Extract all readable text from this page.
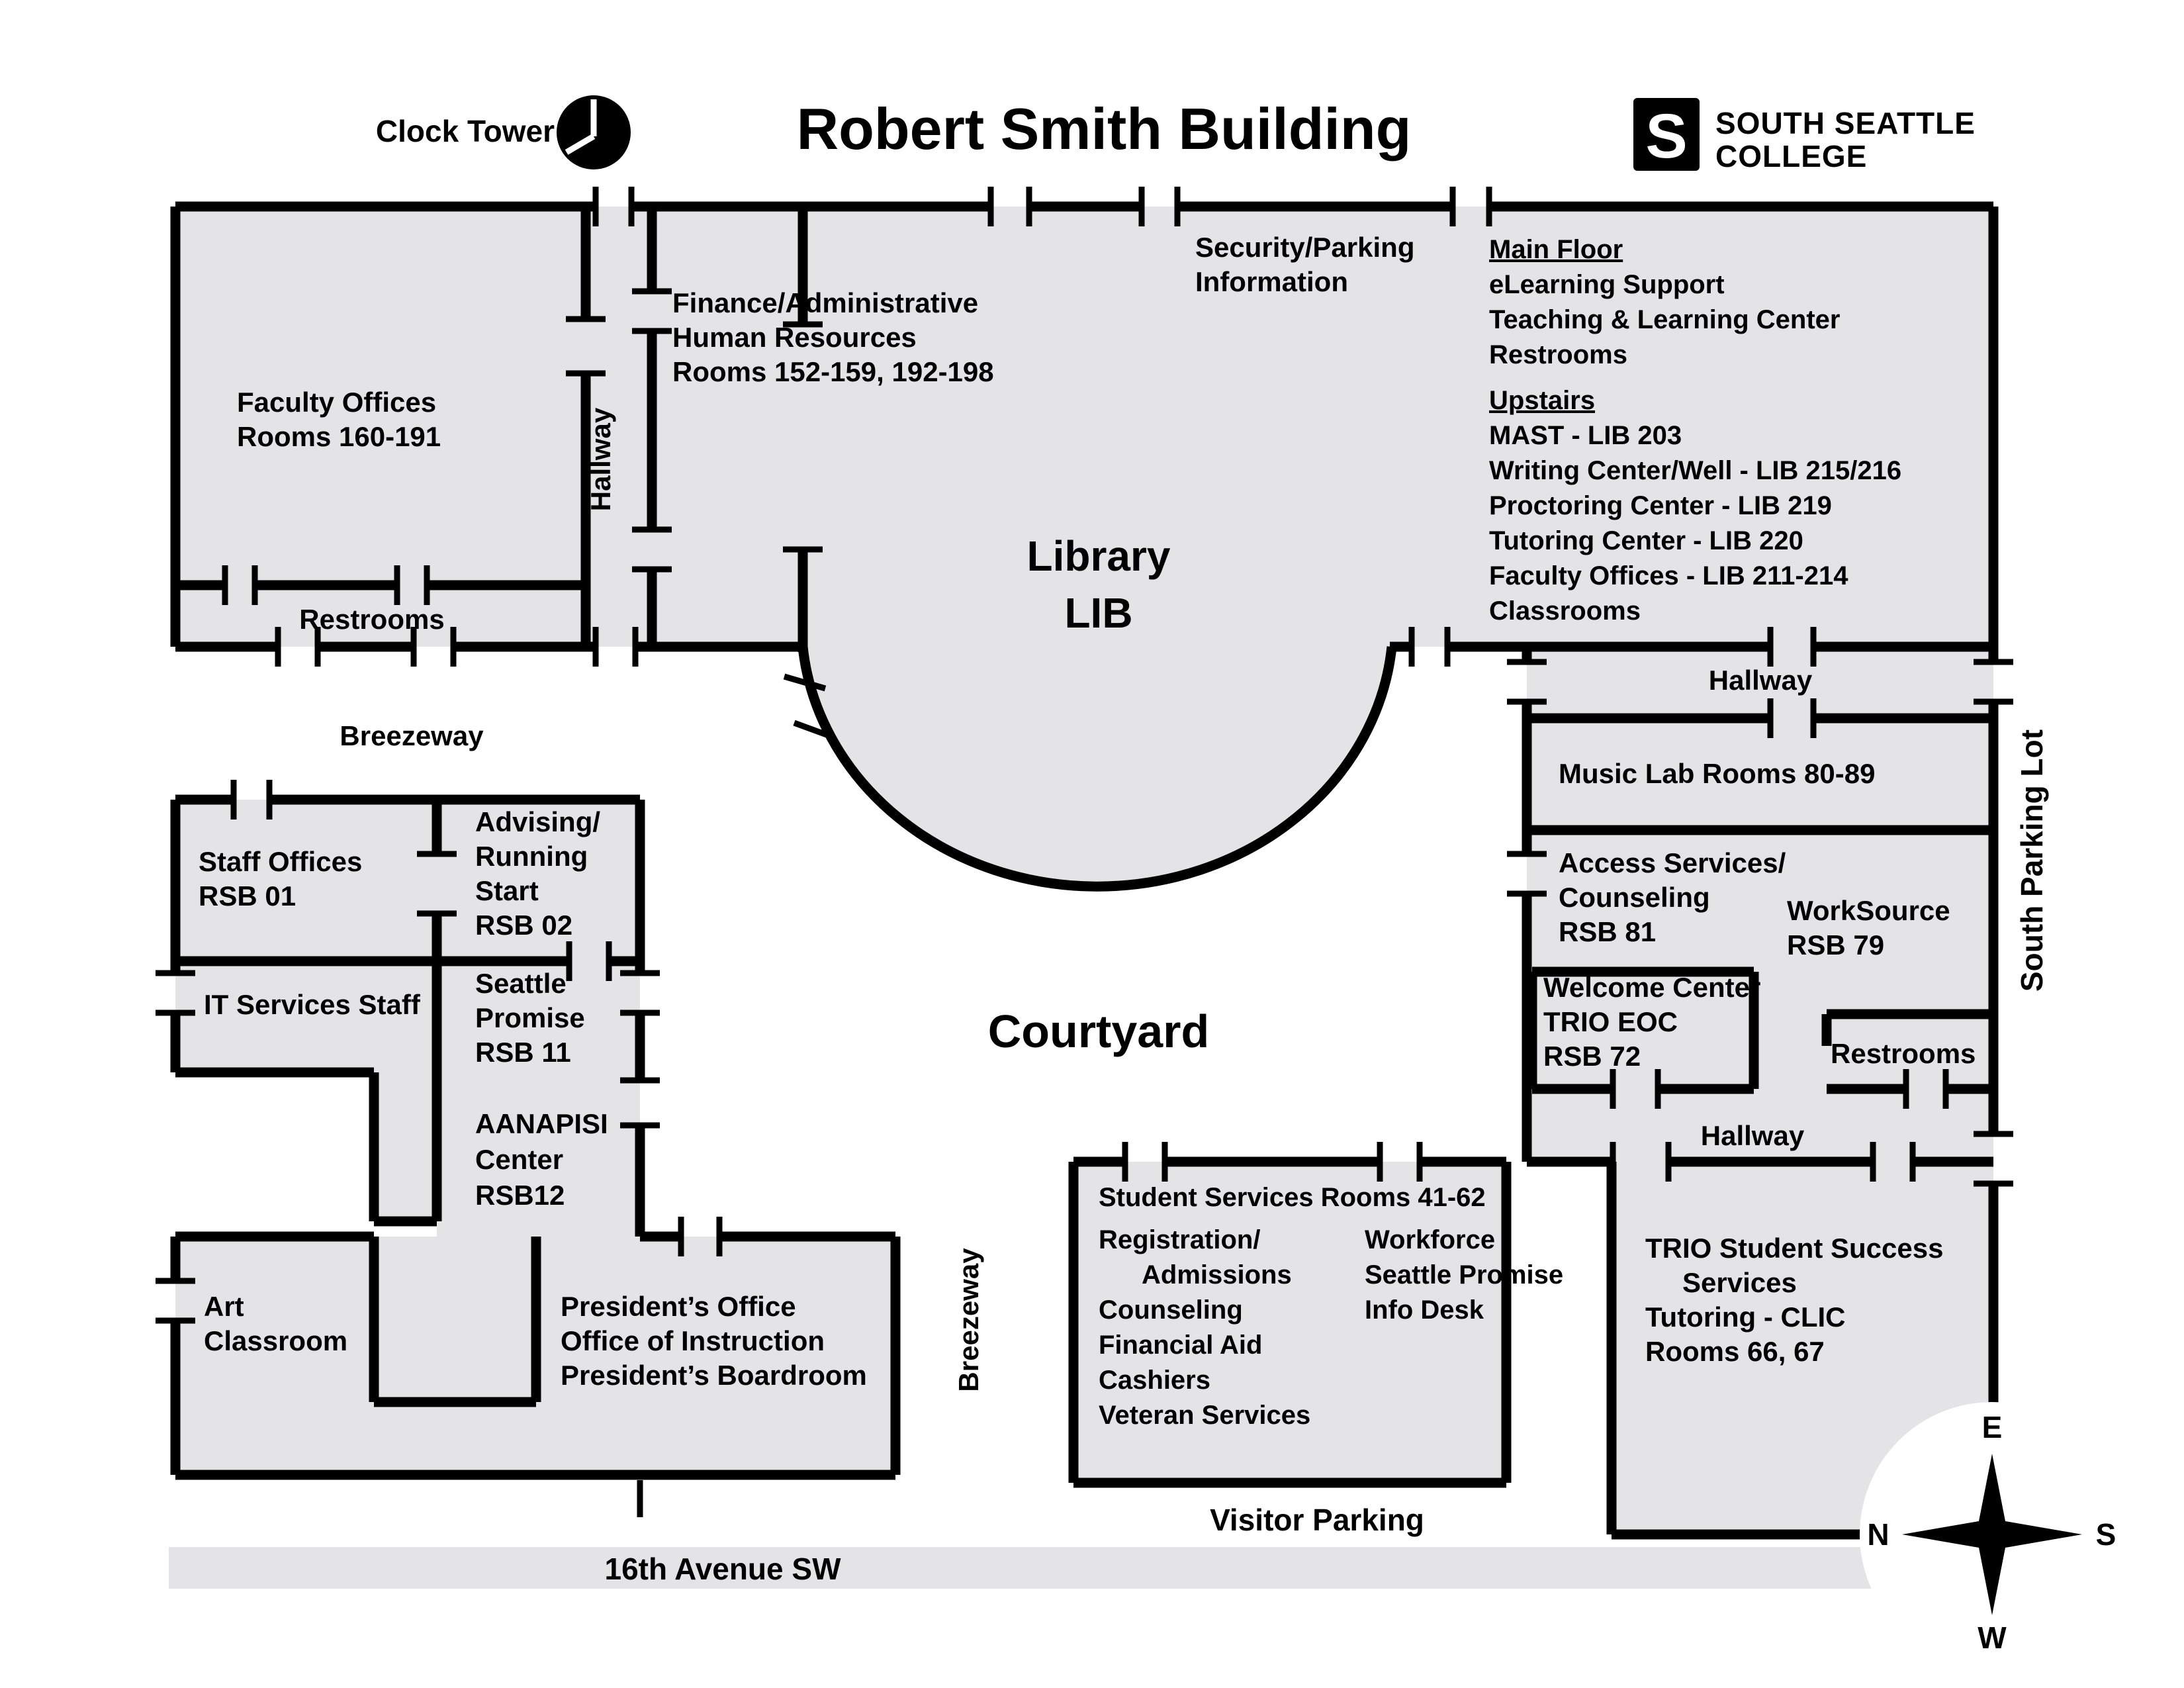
Clock Tower	Robert Smith Building	S SOUTH SEATTLE
COLLEGE
E
N	S
W
Faculty Offices
Rooms 160-191
Restrooms
Hallway
Finance/Administrative
Human Resources
Rooms 152-159, 192-198
Security/Parking
Information
Main Floor
eLearning Support
Teaching & Learning Center
Restrooms
Upstairs
MAST - LIB 203
Writing Center/Well - LIB 215/216
Proctoring Center - LIB 219
Tutoring Center - LIB 220
Faculty Offices - LIB 211-214
Classrooms
Library
LIB
Breezeway
Courtyard
Breezeway
Staff Offices
RSB 01
Advising/
Running
Start
RSB 02
IT Services Staff
Seattle
Promise
RSB 11
AANAPISI
Center
RSB12
Art
Classroom
President’s Office
Office of Instruction
President’s Boardroom
Student Services Rooms 41-62
Registration/
Admissions
Counseling
Financial Aid
Cashiers
Veteran Services
Workforce
Seattle Promise
Info Desk
Hallway
Music Lab Rooms 80-89
Access Services/
Counseling
RSB 81
WorkSource
RSB 79
Welcome Center
TRIO EOC
RSB 72	Restrooms
Hallway
TRIO Student Success
Services
Tutoring - CLIC
Rooms 66, 67
South Parking Lot
Visitor Parking
16th Avenue SW
